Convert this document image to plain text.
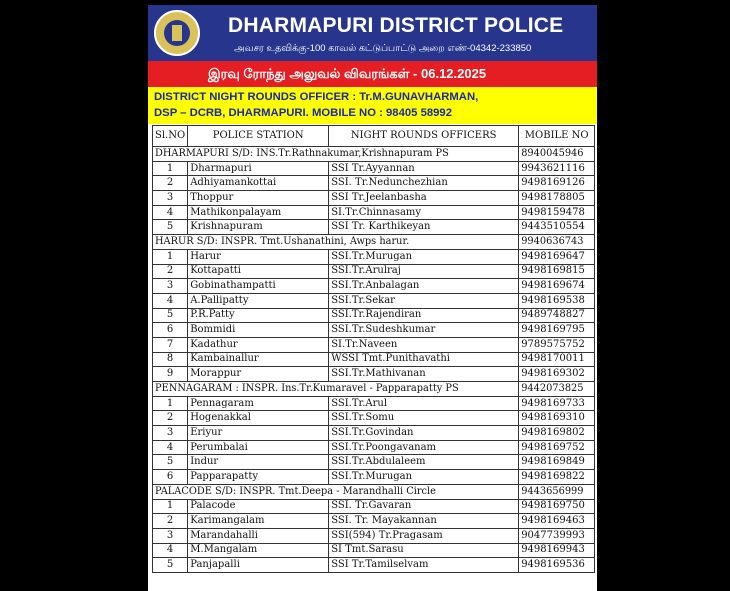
DHARMAPURI DISTRICT POLICE
அவசர உதவிக்கு-100 காவல் கட்டுப்பாட்டு அறை எண்-04342-233850
இரவு ரோந்து அலுவல் விவரங்கள் - 06.12.2025
DISTRICT NIGHT ROUNDS OFFICER : Tr.M.GUNAVHARMAN,
DSP – DCRB, DHARMAPURI. MOBILE NO : 98405 58992
Sl.NO	POLICE STATION	NIGHT ROUNDS OFFICERS	MOBILE NO
DHARMAPURI S/D: INS.Tr.Rathnakumar,Krishnapuram PS			8940045946
1	Dharmapuri	SSI Tr.Ayyannan	9943621116
2	Adhiyamankottai	SSI. Tr.Nedunchezhian	9498169126
3	Thoppur	SSI Tr.Jeelanbasha	9498178805
4	Mathikonpalayam	SI.Tr.Chinnasamy	9498159478
5	Krishnapuram	SSI Tr. Karthikeyan	9443510554
HARUR S/D: INSPR. Tmt.Ushanathini, Awps harur.			9940636743
1	Harur	SSI.Tr.Murugan	9498169647
2	Kottapatti	SSI.Tr.Arulraj	9498169815
3	Gobinathampatti	SSI.Tr.Anbalagan	9498169674
4	A.Pallipatty	SSI.Tr.Sekar	9498169538
5	P.R.Patty	SSI.Tr.Rajendiran	9489748827
6	Bommidi	SSI.Tr.Sudeshkumar	9498169795
7	Kadathur	SI.Tr.Naveen	9789575752
8	Kambainallur	WSSI Tmt.Punithavathi	9498170011
9	Morappur	SSI.Tr.Mathivanan	9498169302
PENNAGARAM : INSPR. Ins.Tr.Kumaravel - Papparapatty PS			9442073825
1	Pennagaram	SSI.Tr.Arul	9498169733
2	Hogenakkal	SSI.Tr.Somu	9498169310
3	Eriyur	SSI.Tr.Govindan	9498169802
4	Perumbalai	SSI.Tr.Poongavanam	9498169752
5	Indur	SSI.Tr.Abdulaleem	9498169849
6	Papparapatty	SSI.Tr.Murugan	9498169822
PALACODE S/D: INSPR. Tmt.Deepa - Marandhalli Circle			9443656999
1	Palacode	SSI. Tr.Gavaran	9498169750
2	Karimangalam	SSI. Tr. Mayakannan	9498169463
3	Marandahalli	SSI(594) Tr.Pragasam	9047739993
4	M.Mangalam	SI Tmt.Sarasu	9498169943
5	Panjapalli	SSI Tr.Tamilselvam	9498169536
